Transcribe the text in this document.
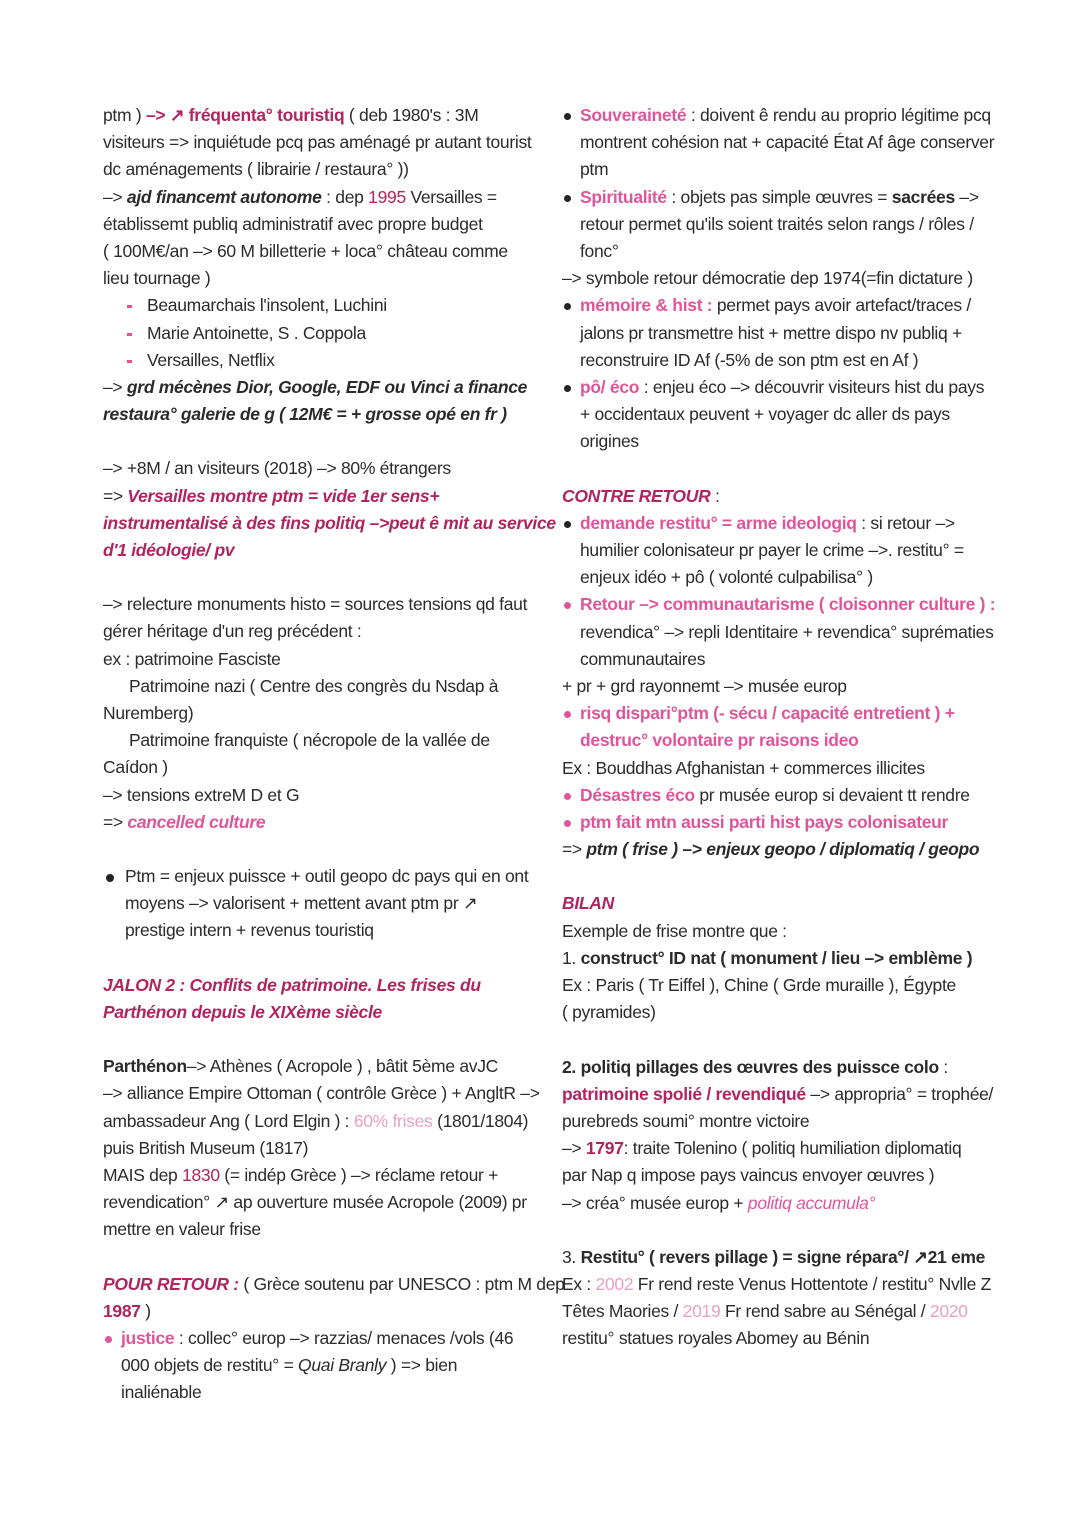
ptm ) –> ↗ fréquenta° touristiq ( deb 1980's : 3M
visiteurs => inquiétude pcq pas aménagé pr autant tourist
dc aménagements ( librairie / restaura° ))
–> ajd financemt autonome : dep 1995 Versailles =
établissemt publiq administratif avec propre budget
( 100M€/an –> 60 M billetterie + loca° château comme
lieu tournage )
Beaumarchais l'insolent, Luchini
Marie Antoinette, S . Coppola
Versailles, Netflix
–> grd mécènes Dior, Google, EDF ou Vinci a finance
restaura° galerie de g ( 12M€ = + grosse opé en fr )
–> +8M / an visiteurs (2018) –> 80% étrangers
=> Versailles montre ptm = vide 1er sens+
instrumentalisé à des fins politiq –>peut ê mit au service
d'1 idéologie/ pv
–> relecture monuments histo = sources tensions qd faut
gérer héritage d'un reg précédent :
ex : patrimoine Fasciste
Patrimoine nazi ( Centre des congrès du Nsdap à
Nuremberg)
Patrimoine franquiste ( nécropole de la vallée de
Caídon )
–> tensions extreM D et G
=> cancelled culture
Ptm = enjeux puissce + outil geopo dc pays qui en ont
moyens –> valorisent + mettent avant ptm pr ↗
prestige intern + revenus touristiq
JALON 2 : Conflits de patrimoine. Les frises du
Parthénon depuis le XIXème siècle
Parthénon–> Athènes ( Acropole ) , bâtit 5ème avJC
–> alliance Empire Ottoman ( contrôle Grèce ) + AngltR –>
ambassadeur Ang ( Lord Elgin ) : 60% frises (1801/1804)
puis British Museum (1817)
MAIS dep 1830 (= indép Grèce ) –> réclame retour +
revendication° ↗ ap ouverture musée Acropole (2009) pr
mettre en valeur frise
POUR RETOUR : ( Grèce soutenu par UNESCO : ptm M dep
1987 )
justice : collec° europ –> razzias/ menaces /vols (46
000 objets de restitu° = Quai Branly ) => bien
inaliénable
Souveraineté : doivent ê rendu au proprio légitime pcq
montrent cohésion nat + capacité État Af âge conserver
ptm
Spiritualité : objets pas simple œuvres = sacrées –>
retour permet qu'ils soient traités selon rangs / rôles /
fonc°
–> symbole retour démocratie dep 1974(=fin dictature )
mémoire & hist : permet pays avoir artefact/traces /
jalons pr transmettre hist + mettre dispo nv publiq +
reconstruire ID Af (-5% de son ptm est en Af )
pô/ éco : enjeu éco –> découvrir visiteurs hist du pays
+ occidentaux peuvent + voyager dc aller ds pays
origines
CONTRE RETOUR :
demande restitu° = arme ideologiq : si retour –>
humilier colonisateur pr payer le crime –>. restitu° =
enjeux idéo + pô ( volonté culpabilisa° )
Retour –> communautarisme ( cloisonner culture ) :
revendica° –> repli Identitaire + revendica° suprématies
communautaires
+ pr + grd rayonnemt –> musée europ
risq dispari°ptm (- sécu / capacité entretient ) +
destruc° volontaire pr raisons ideo
Ex : Bouddhas Afghanistan + commerces illicites
Désastres éco pr musée europ si devaient tt rendre
ptm fait mtn aussi parti hist pays colonisateur
=> ptm ( frise ) –> enjeux geopo / diplomatiq / geopo
BILAN
Exemple de frise montre que :
1. construct° ID nat ( monument / lieu –> emblème )
Ex : Paris ( Tr Eiffel ), Chine ( Grde muraille ), Égypte
( pyramides)
2. politiq pillages des œuvres des puissce colo :
patrimoine spolié / revendiqué –> appropria° = trophée/
purebreds soumi° montre victoire
–> 1797: traite Tolenino ( politiq humiliation diplomatiq
par Nap q impose pays vaincus envoyer œuvres )
–> créa° musée europ + politiq accumula°
3. Restitu° ( revers pillage ) = signe répara°/ ↗21 eme
Ex : 2002 Fr rend reste Venus Hottentote / restitu° Nvlle Z
Têtes Maories / 2019 Fr rend sabre au Sénégal / 2020
restitu° statues royales Abomey au Bénin
